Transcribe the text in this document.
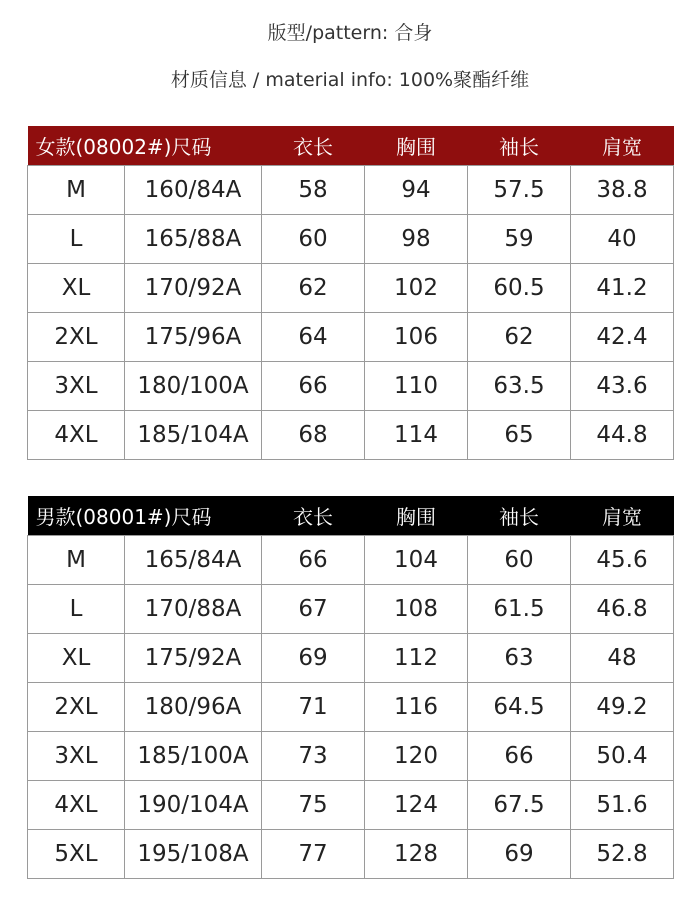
版型/pattern: 合身
材质信息 / material info: 100%聚酯纤维
女款(08002#)尺码		衣长	胸围	袖长	肩宽
M	160/84A	58	94	57.5	38.8
L	165/88A	60	98	59	40
XL	170/92A	62	102	60.5	41.2
2XL	175/96A	64	106	62	42.4
3XL	180/100A	66	110	63.5	43.6
4XL	185/104A	68	114	65	44.8
男款(08001#)尺码		衣长	胸围	袖长	肩宽
M	165/84A	66	104	60	45.6
L	170/88A	67	108	61.5	46.8
XL	175/92A	69	112	63	48
2XL	180/96A	71	116	64.5	49.2
3XL	185/100A	73	120	66	50.4
4XL	190/104A	75	124	67.5	51.6
5XL	195/108A	77	128	69	52.8
